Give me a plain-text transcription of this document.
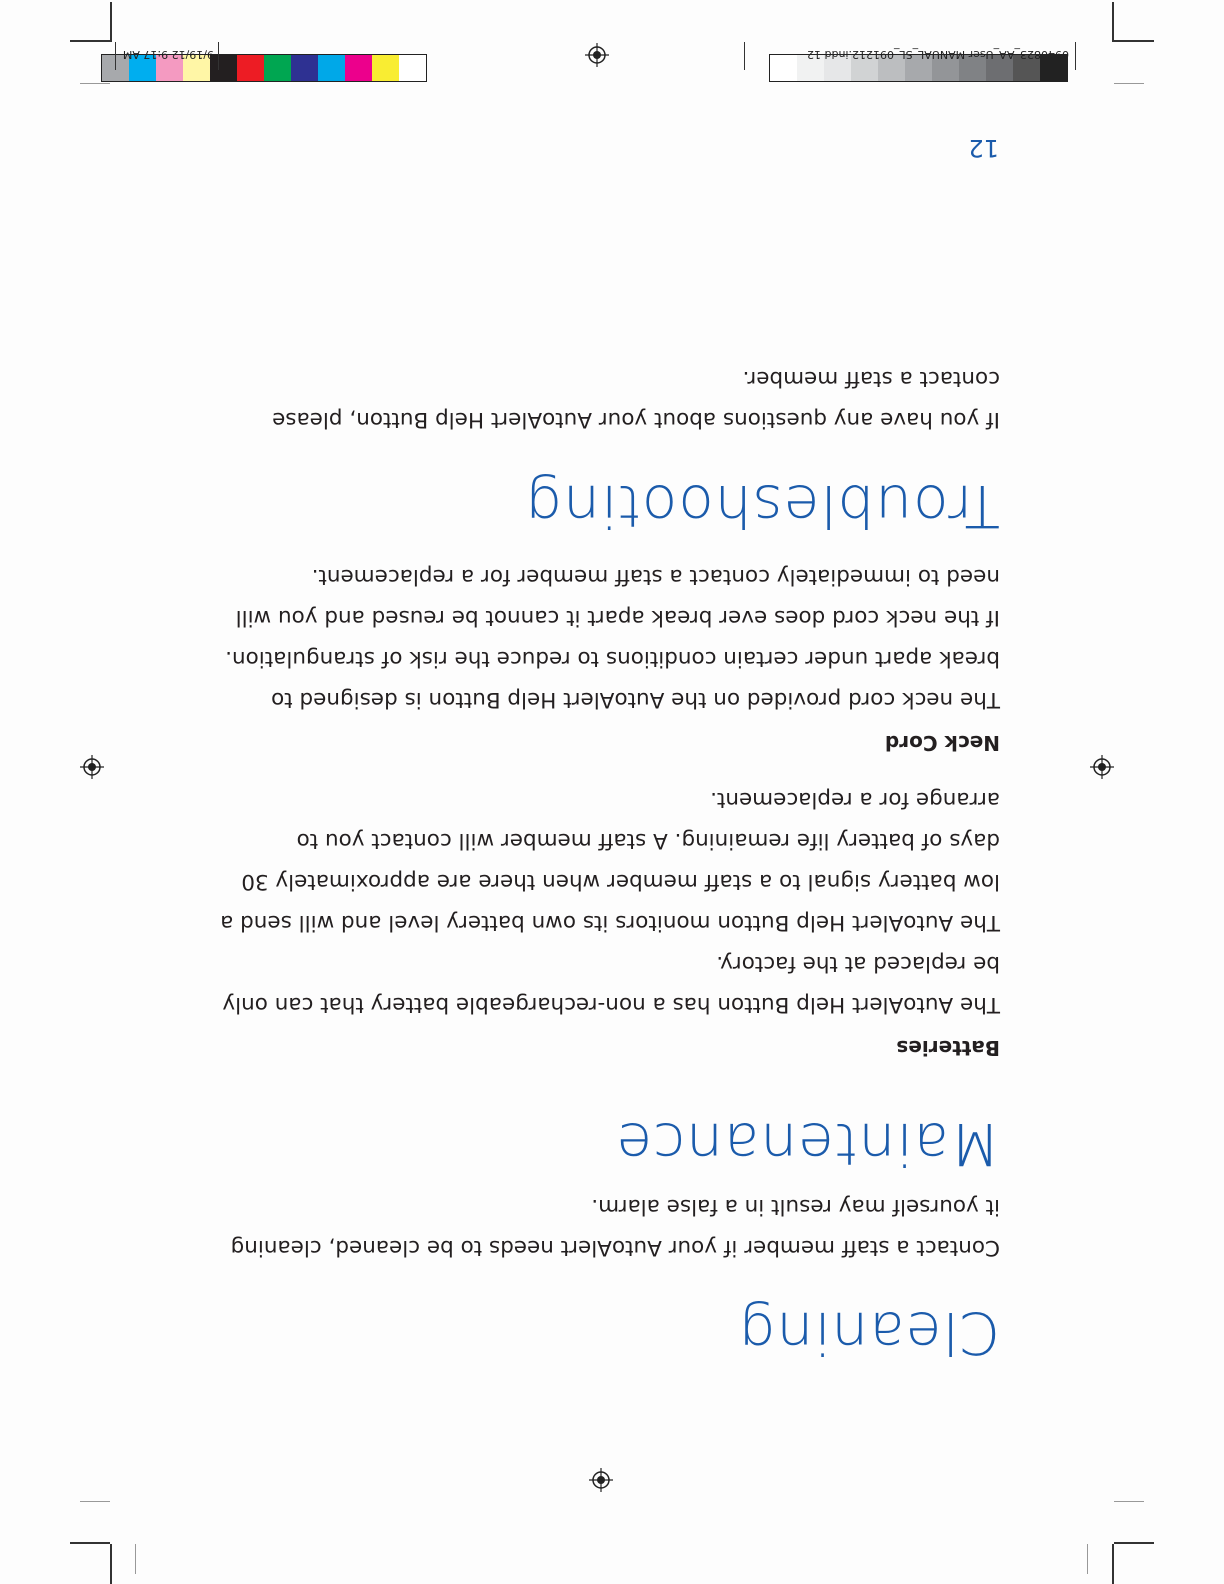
0940823_AA_User MANUAL_SL_091212.indd 12
9/19/12 9:17 AM
12
Cleaning

Contact a staff member if your AutoAlert needs to be cleaned, cleaning it yourself may result in a false alarm.

Maintenance
Batteries

The AutoAlert Help Button has a non-rechargeable battery that can only be replaced at the factory.

The AutoAlert Help Button monitors its own battery level and will send a low battery signal to a staff member when there are approximately 30 days of battery life remaining. A staff member will contact you to arrange for a replacement.

Neck Cord

The neck cord provided on the AutoAlert Help Button is designed to break apart under certain conditions to reduce the risk of strangulation. If the neck cord does ever break apart it cannot be reused and you will need to immediately contact a staff member for a replacement.

Troubleshooting

If you have any questions about your AutoAlert Help Button, please contact a staff member.
